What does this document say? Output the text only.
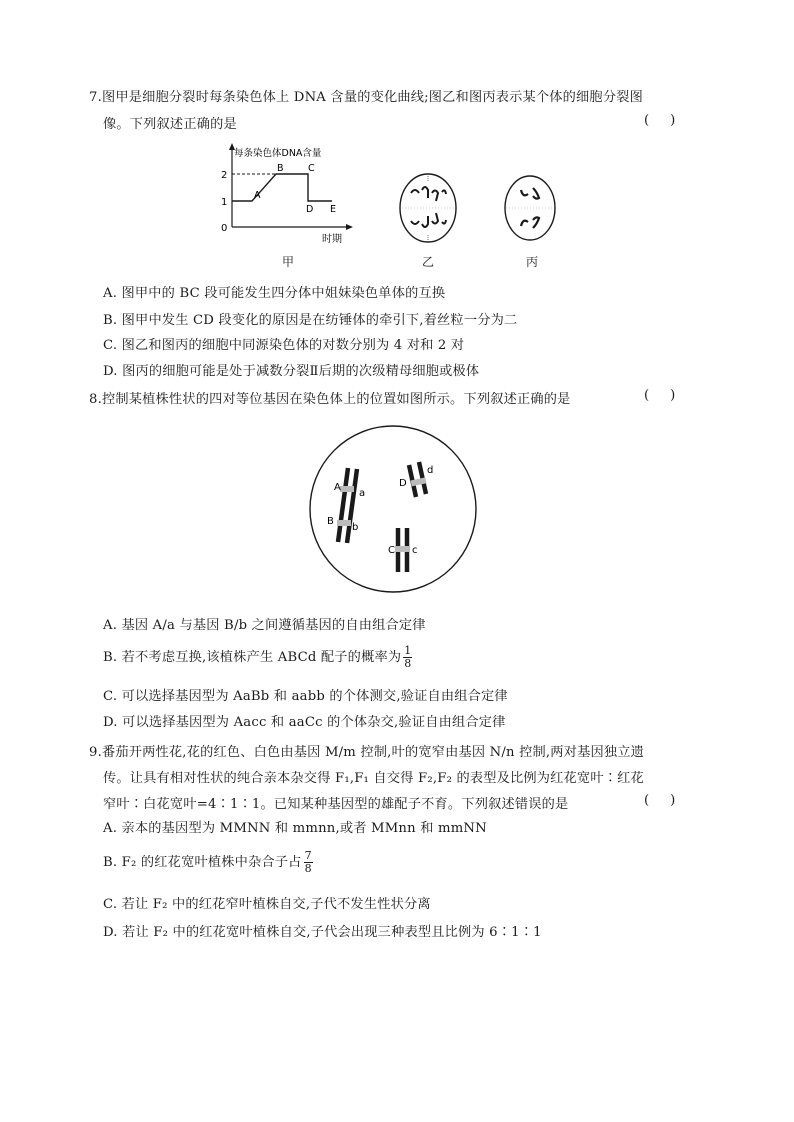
7.图甲是细胞分裂时每条染色体上 DNA 含量的变化曲线;图乙和图丙表示某个体的细胞分裂图
像。下列叙述正确的是	(     )
每条染色体DNA含量
2
1
0
A
B	C
D E
时期
甲	乙	丙
A. 图甲中的 BC 段可能发生四分体中姐妹染色单体的互换
B. 图甲中发生 CD 段变化的原因是在纺锤体的牵引下,着丝粒一分为二
C. 图乙和图丙的细胞中同源染色体的对数分别为 4 对和 2 对
D. 图丙的细胞可能是处于减数分裂Ⅱ后期的次级精母细胞或极体
8.控制某植株性状的四对等位基因在染色体上的位置如图所示。下列叙述正确的是	(     )
A
a
B
b
D
d
C c
A. 基因 A/a 与基因 B/b 之间遵循基因的自由组合定律
B. 若不考虑互换,该植株产生 ABCd 配子的概率为 $\frac{1}{8}$
C. 可以选择基因型为 AaBb 和 aabb 的个体测交,验证自由组合定律
D. 可以选择基因型为 Aacc 和 aaCc 的个体杂交,验证自由组合定律
9.番茄开两性花,花的红色、白色由基因 M/m 控制,叶的宽窄由基因 N/n 控制,两对基因独立遗
传。让具有相对性状的纯合亲本杂交得 F₁,F₁ 自交得 F₂,F₂ 的表型及比例为红花宽叶∶红花
窄叶∶白花宽叶=4∶1∶1。已知某种基因型的雄配子不育。下列叙述错误的是	(     )
A. 亲本的基因型为 MMNN 和 mmnn,或者 MMnn 和 mmNN
B. F₂ 的红花宽叶植株中杂合子占 $\frac{7}{8}$
C. 若让 F₂ 中的红花窄叶植株自交,子代不发生性状分离
D. 若让 F₂ 中的红花宽叶植株自交,子代会出现三种表型且比例为 6∶1∶1
